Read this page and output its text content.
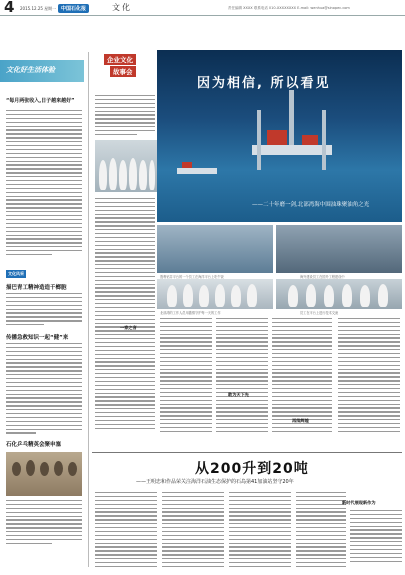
4 2015.12.25 星期一 中国石化报	文化	责任编辑 XXXX 联系电话 010-XXXXXXXX E-mail: wenhua@sinopec.com
文化好生活体验
“每月两张收入,日子越来越好”
文化风采
描巴青工精神造造千榔胞
传播急救知识一起“健”来
石化乒乓精英会聚申塞
企业文化
故事会
因为相信, 所以看见
——二十年磨一剑,北部湾海中围油珠聚油角之光
胜利钻井平台的一个员工在海洋平台上吃午饭	海外建设员工在国外工程建设中
北部湾的工作人员用激情守护每一天的工作	员工在平台上进行技术交流
一家之言
敢为天下先
再续辉煌
从200升到20吨
——王明忠和作品荣关注海洋石油生态保护的石岛第41加油站坚守20年
新时代展现新作为
